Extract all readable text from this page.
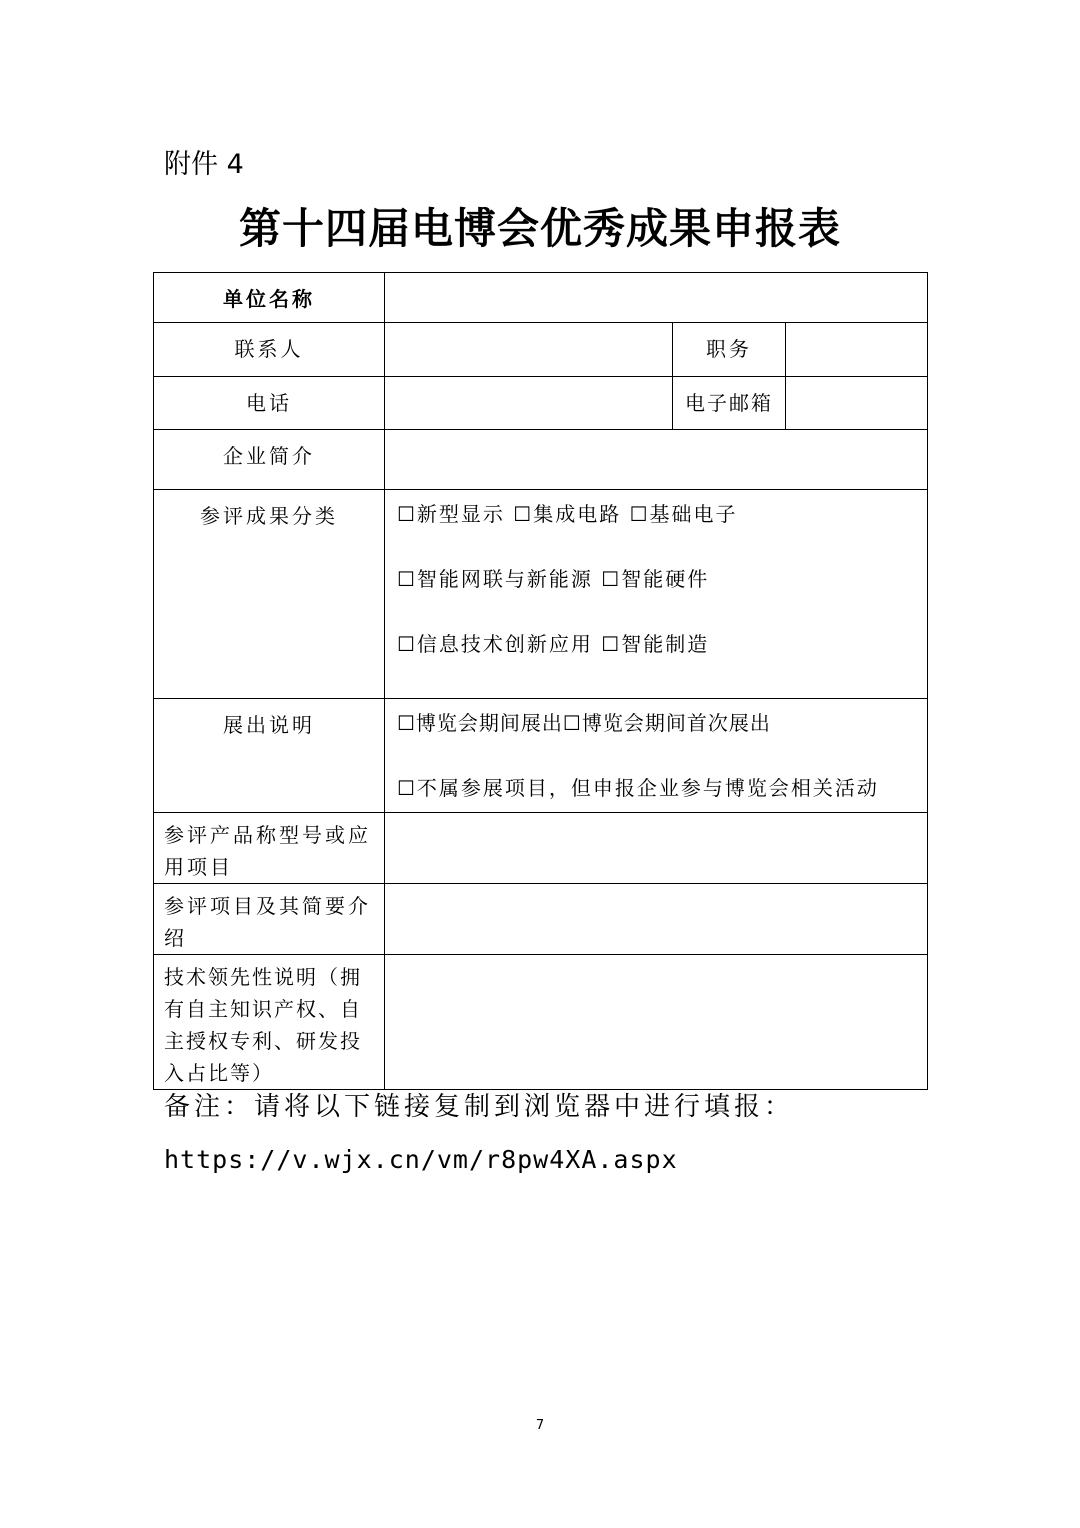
附件 4
第十四届电博会优秀成果申报表
单位名称			
联系人		职务	
电话		电子邮箱	
企业简介			
参评成果分类	☐新型显示 ☐集成电路 ☐基础电子
☐智能网联与新能源 ☐智能硬件
☐信息技术创新应用 ☐智能制造		

展出说明	☐博览会期间展出☐博览会期间首次展出
☐不属参展项目，但申报企业参与博览会相关活动		

参评产品称型号或应用项目			
参评项目及其简要介绍			
技术领先性说明（拥有自主知识产权、自主授权专利、研发投入占比等）			
备注：请将以下链接复制到浏览器中进行填报：
https://v.wjx.cn/vm/r8pw4XA.aspx
7
